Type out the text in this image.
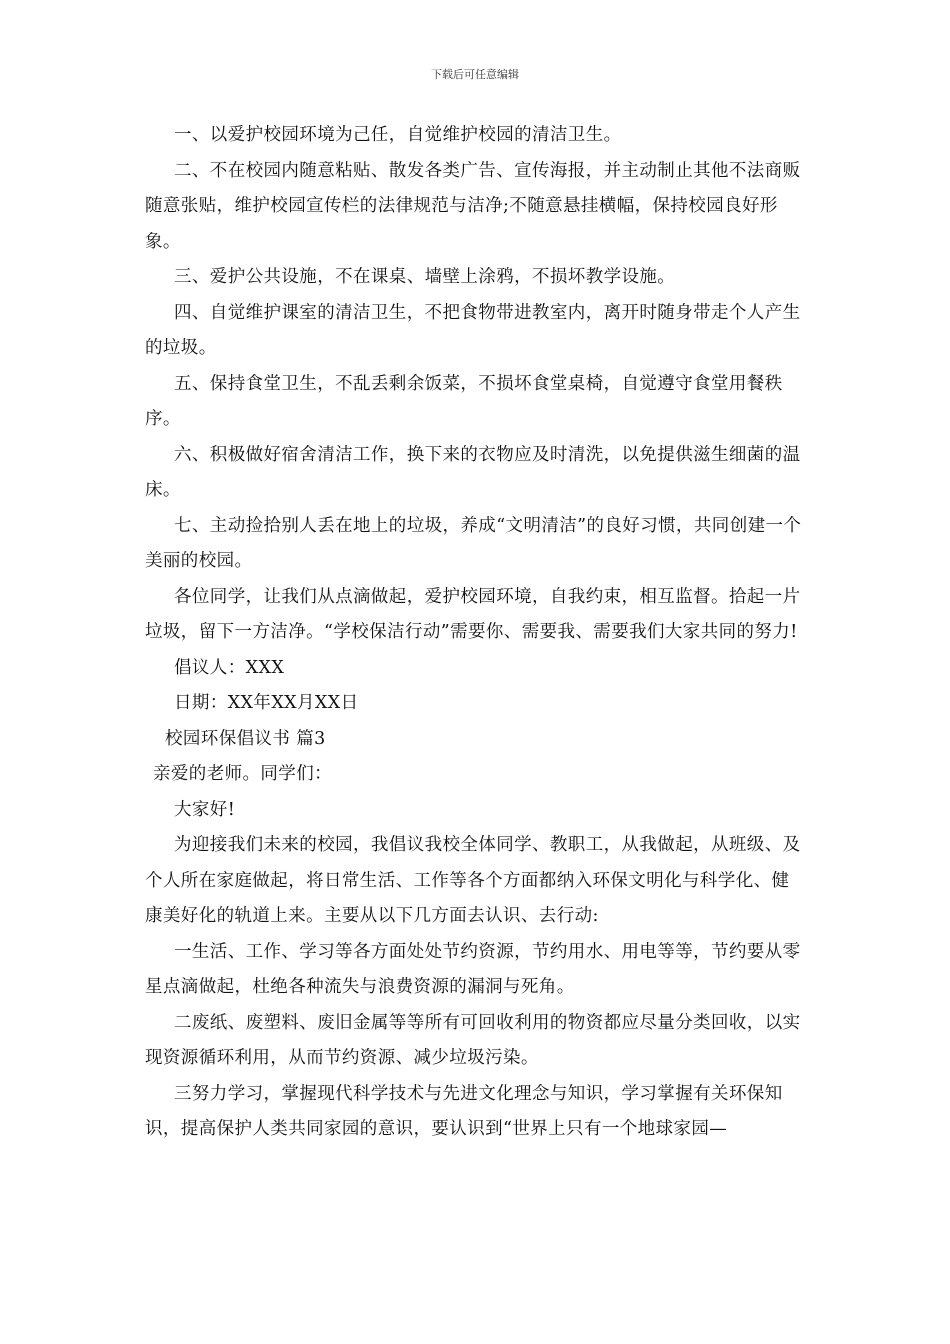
下载后可任意编辑

一、以爱护校园环境为己任，自觉维护校园的清洁卫生。

二、不在校园内随意粘贴、散发各类广告、宣传海报，并主动制止其他不法商贩随意张贴，维护校园宣传栏的法律规范与洁净;不随意悬挂横幅，保持校园良好形象。

三、爱护公共设施，不在课桌、墙壁上涂鸦，不损坏教学设施。

四、自觉维护课室的清洁卫生，不把食物带进教室内，离开时随身带走个人产生的垃圾。

五、保持食堂卫生，不乱丢剩余饭菜，不损坏食堂桌椅，自觉遵守食堂用餐秩序。

六、积极做好宿舍清洁工作，换下来的衣物应及时清洗，以免提供滋生细菌的温床。

七、主动捡拾别人丢在地上的垃圾，养成“文明清洁”的良好习惯，共同创建一个美丽的校园。

各位同学，让我们从点滴做起，爱护校园环境，自我约束，相互监督。拾起一片垃圾，留下一方洁净。“学校保洁行动”需要你、需要我、需要我们大家共同的努力!

倡议人：XXX

日期：XX年XX月XX日

校园环保倡议书 篇3

亲爱的老师。同学们：

大家好!

为迎接我们未来的校园，我倡议我校全体同学、教职工，从我做起，从班级、及个人所在家庭做起，将日常生活、工作等各个方面都纳入环保文明化与科学化、健康美好化的轨道上来。主要从以下几方面去认识、去行动:

一生活、工作、学习等各方面处处节约资源，节约用水、用电等等，节约要从零星点滴做起，杜绝各种流失与浪费资源的漏洞与死角。

二废纸、废塑料、废旧金属等等所有可回收利用的物资都应尽量分类回收，以实现资源循环利用，从而节约资源、减少垃圾污染。

三努力学习，掌握现代科学技术与先进文化理念与知识，学习掌握有关环保知识，提高保护人类共同家园的意识，要认识到“世界上只有一个地球家园—
